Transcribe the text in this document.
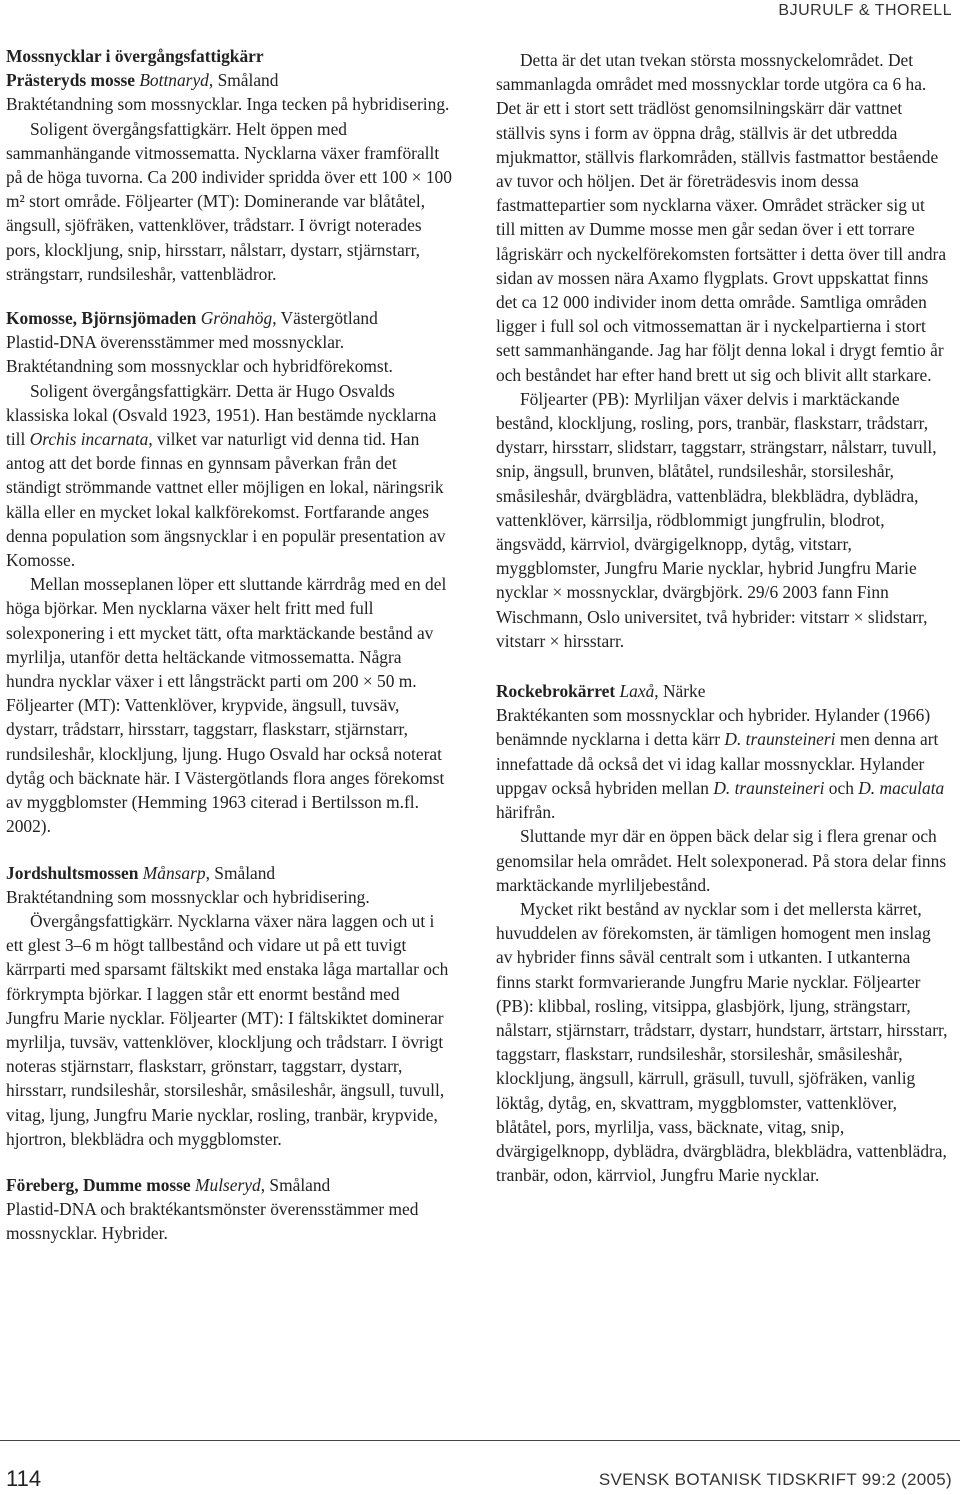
BJURULF & THORELL

Mossnycklar i övergångsfattigkärr

Prästeryds mosse Bottnaryd, Småland

Braktétandning som mossnycklar. Inga tecken på hybridisering.

Soligent övergångsfattigkärr. Helt öppen med sammanhängande vitmossematta. Nycklarna växer framförallt på de höga tuvorna. Ca 200 individer spridda över ett 100 × 100 m² stort område. Följearter (MT): Dominerande var blåtåtel, ängsull, sjöfräken, vattenklöver, trådstarr. I övrigt noterades pors, klockljung, snip, hirsstarr, nålstarr, dystarr, stjärnstarr, strängstarr, rundsileshår, vattenblädror.

Komosse, Björnsjömaden Grönahög, Västergötland

Plastid-DNA överensstämmer med mossnycklar. Braktétandning som mossnycklar och hybridförekomst.

Soligent övergångsfattigkärr. Detta är Hugo Osvalds klassiska lokal (Osvald 1923, 1951). Han bestämde nycklarna till Orchis incarnata, vilket var naturligt vid denna tid. Han antog att det borde finnas en gynnsam påverkan från det ständigt strömmande vattnet eller möjligen en lokal, näringsrik källa eller en mycket lokal kalkförekomst. Fortfarande anges denna population som ängsnycklar i en populär presentation av Komosse.

Mellan mosseplanen löper ett sluttande kärrdråg med en del höga björkar. Men nycklarna växer helt fritt med full solexponering i ett mycket tätt, ofta marktäckande bestånd av myrlilja, utanför detta heltäckande vitmossematta. Några hundra nycklar växer i ett långsträckt parti om 200 × 50 m. Följearter (MT): Vattenklöver, krypvide, ängsull, tuvsäv, dystarr, trådstarr, hirsstarr, taggstarr, flaskstarr, stjärnstarr, rundsileshår, klockljung, ljung. Hugo Osvald har också noterat dytåg och bäcknate här. I Västergötlands flora anges förekomst av myggblomster (Hemming 1963 citerad i Bertilsson m.fl. 2002).

Jordshultsmossen Månsarp, Småland

Braktétandning som mossnycklar och hybridisering.

Övergångsfattigkärr. Nycklarna växer nära laggen och ut i ett glest 3–6 m högt tallbestånd och vidare ut på ett tuvigt kärrparti med sparsamt fältskikt med enstaka låga martallar och förkrympta björkar. I laggen står ett enormt bestånd med Jungfru Marie nycklar. Följearter (MT): I fältskiktet dominerar myrlilja, tuvsäv, vattenklöver, klockljung och trådstarr. I övrigt noteras stjärnstarr, flaskstarr, grönstarr, taggstarr, dystarr, hirsstarr, rundsileshår, storsileshår, småsileshår, ängsull, tuvull, vitag, ljung, Jungfru Marie nycklar, rosling, tranbär, krypvide, hjortron, blekblädra och myggblomster.

Föreberg, Dumme mosse Mulseryd, Småland

Plastid-DNA och braktékantsmönster överensstämmer med mossnycklar. Hybrider.

Detta är det utan tvekan största mossnyckelområdet. Det sammanlagda området med mossnycklar torde utgöra ca 6 ha. Det är ett i stort sett trädlöst genomsilningskärr där vattnet ställvis syns i form av öppna dråg, ställvis är det utbredda mjukmattor, ställvis flarkområden, ställvis fastmattor bestående av tuvor och höljen. Det är företrädesvis inom dessa fastmattepartier som nycklarna växer. Området sträcker sig ut till mitten av Dumme mosse men går sedan över i ett torrare lågriskärr och nyckelförekomsten fortsätter i detta över till andra sidan av mossen nära Axamo flygplats. Grovt uppskattat finns det ca 12 000 individer inom detta område. Samtliga områden ligger i full sol och vitmossemattan är i nyckelpartierna i stort sett sammanhängande. Jag har följt denna lokal i drygt femtio år och beståndet har efter hand brett ut sig och blivit allt starkare.

Följearter (PB): Myrliljan växer delvis i marktäckande bestånd, klockljung, rosling, pors, tranbär, flaskstarr, trådstarr, dystarr, hirsstarr, slidstarr, taggstarr, strängstarr, nålstarr, tuvull, snip, ängsull, brunven, blåtåtel, rundsileshår, storsileshår, småsileshår, dvärgblädra, vattenblädra, blekblädra, dyblädra, vattenklöver, kärrsilja, rödblommigt jungfrulin, blodrot, ängsvädd, kärrviol, dvärgigelknopp, dytåg, vitstarr, myggblomster, Jungfru Marie nycklar, hybrid Jungfru Marie nycklar × mossnycklar, dvärgbjörk. 29/6 2003 fann Finn Wischmann, Oslo universitet, två hybrider: vitstarr × slidstarr, vitstarr × hirsstarr.

Rockebrokärret Laxå, Närke

Braktékanten som mossnycklar och hybrider. Hylander (1966) benämnde nycklarna i detta kärr D. traunsteineri men denna art innefattade då också det vi idag kallar mossnycklar. Hylander uppgav också hybriden mellan D. traunsteineri och D. maculata härifrån.

Sluttande myr där en öppen bäck delar sig i flera grenar och genomsilar hela området. Helt solexponerad. På stora delar finns marktäckande myrliljebestånd.

Mycket rikt bestånd av nycklar som i det mellersta kärret, huvuddelen av förekomsten, är tämligen homogent men inslag av hybrider finns såväl centralt som i utkanten. I utkanterna finns starkt formvarierande Jungfru Marie nycklar. Följearter (PB): klibbal, rosling, vitsippa, glasbjörk, ljung, strängstarr, nålstarr, stjärnstarr, trådstarr, dystarr, hundstarr, ärtstarr, hirsstarr, taggstarr, flaskstarr, rundsileshår, storsileshår, småsileshår, klockljung, ängsull, kärrull, gräsull, tuvull, sjöfräken, vanlig löktåg, dytåg, en, skvattram, myggblomster, vattenklöver, blåtåtel, pors, myrlilja, vass, bäcknate, vitag, snip, dvärgigelknopp, dyblädra, dvärgblädra, blekblädra, vattenblädra, tranbär, odon, kärrviol, Jungfru Marie nycklar.

114	SVENSK BOTANISK TIDSKRIFT 99:2 (2005)
